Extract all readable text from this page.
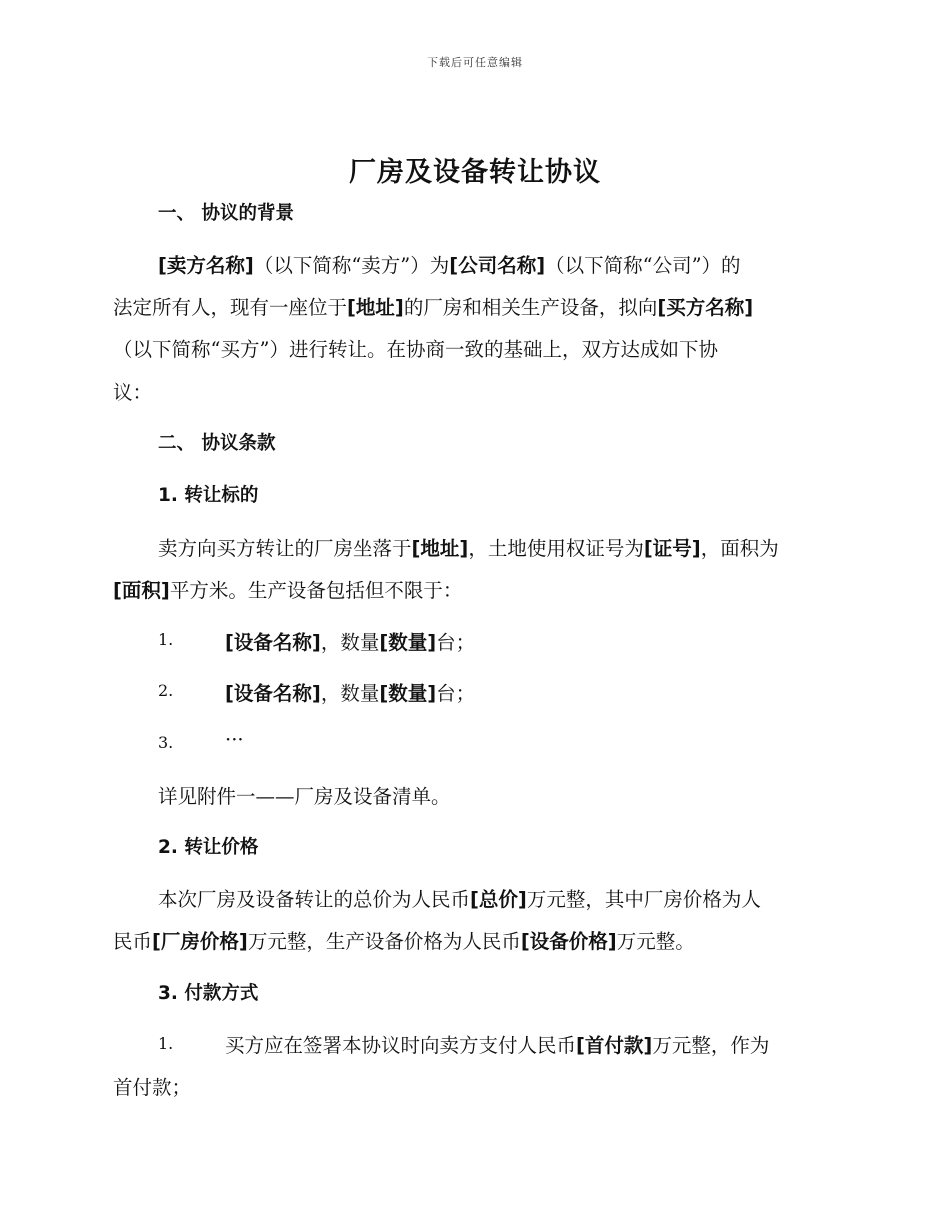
下载后可任意编辑
厂房及设备转让协议
一、 协议的背景
[卖方名称]（以下简称“卖方”）为[公司名称]（以下简称“公司”）的
法定所有人，现有一座位于[地址]的厂房和相关生产设备，拟向[买方名称]
（以下简称“买方”）进行转让。在协商一致的基础上，双方达成如下协
议：
二、 协议条款
1. 转让标的
卖方向买方转让的厂房坐落于[地址]，土地使用权证号为[证号]，面积为
[面积]平方米。生产设备包括但不限于：
1.	[设备名称]，数量[数量]台；
2.	[设备名称]，数量[数量]台；
3.	···
详见附件一——厂房及设备清单。
2. 转让价格
本次厂房及设备转让的总价为人民币[总价]万元整，其中厂房价格为人
民币[厂房价格]万元整，生产设备价格为人民币[设备价格]万元整。
3. 付款方式
1.	买方应在签署本协议时向卖方支付人民币[首付款]万元整，作为
首付款；
